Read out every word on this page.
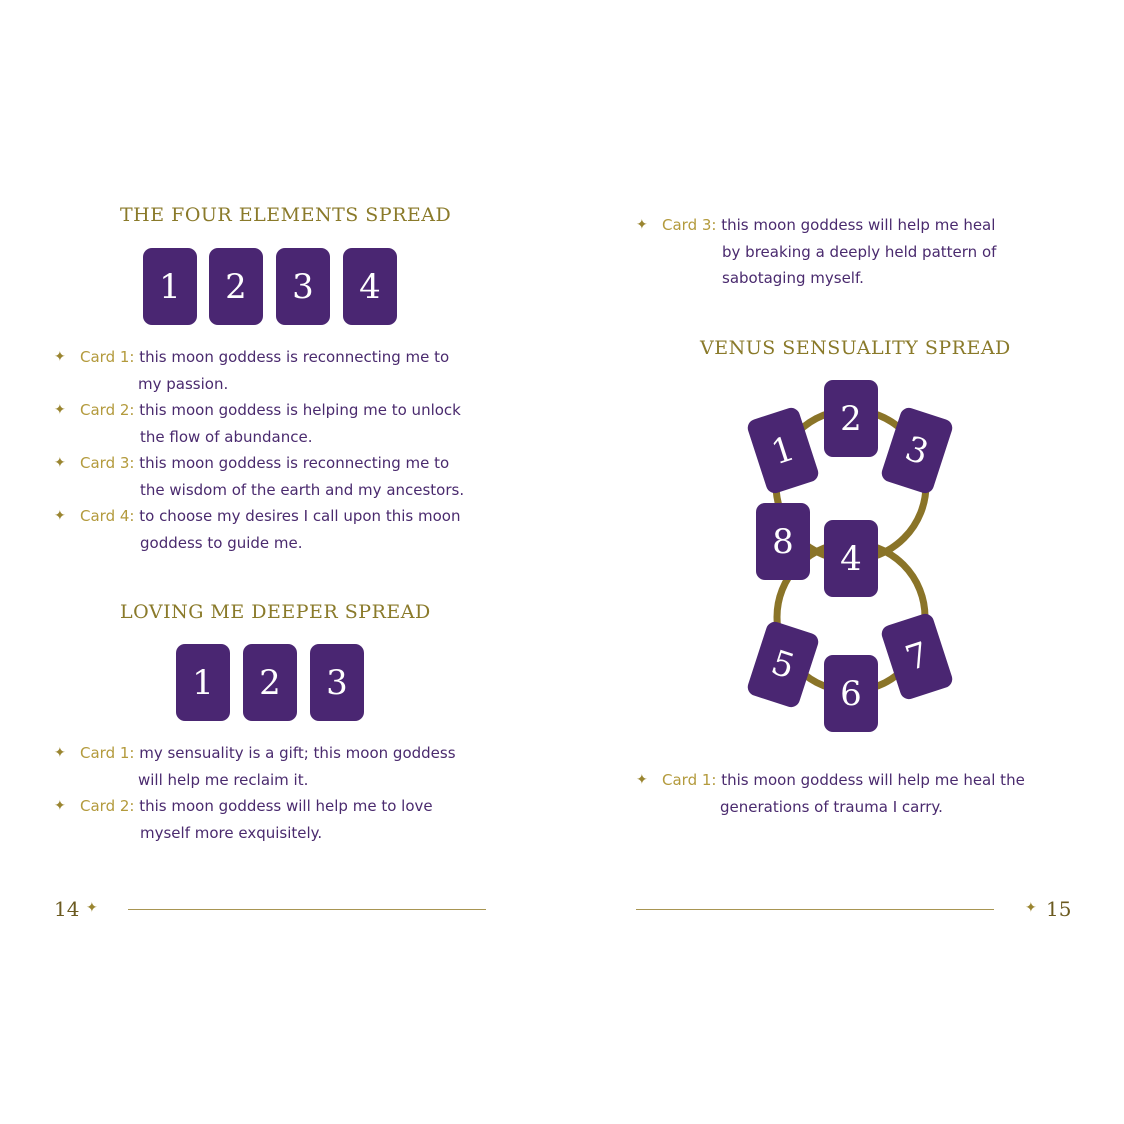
THE FOUR ELEMENTS SPREAD
1	2	3	4
✦ Card 1: this moon goddess is reconnecting me to
my passion.
✦ Card 2: this moon goddess is helping me to unlock
the flow of abundance.
✦ Card 3: this moon goddess is reconnecting me to
the wisdom of the earth and my ancestors.
✦ Card 4: to choose my desires I call upon this moon
goddess to guide me.
LOVING ME DEEPER SPREAD
1	2	3
✦ Card 1: my sensuality is a gift; this moon goddess
will help me reclaim it.
✦ Card 2: this moon goddess will help me to love
myself more exquisitely.
14 ✦
✦ Card 3: this moon goddess will help me heal
by breaking a deeply held pattern of
sabotaging myself.
VENUS SENSUALITY SPREAD
2
1	3
8	4
5	7
6
✦ Card 1: this moon goddess will help me heal the
generations of trauma I carry.
✦ 15
